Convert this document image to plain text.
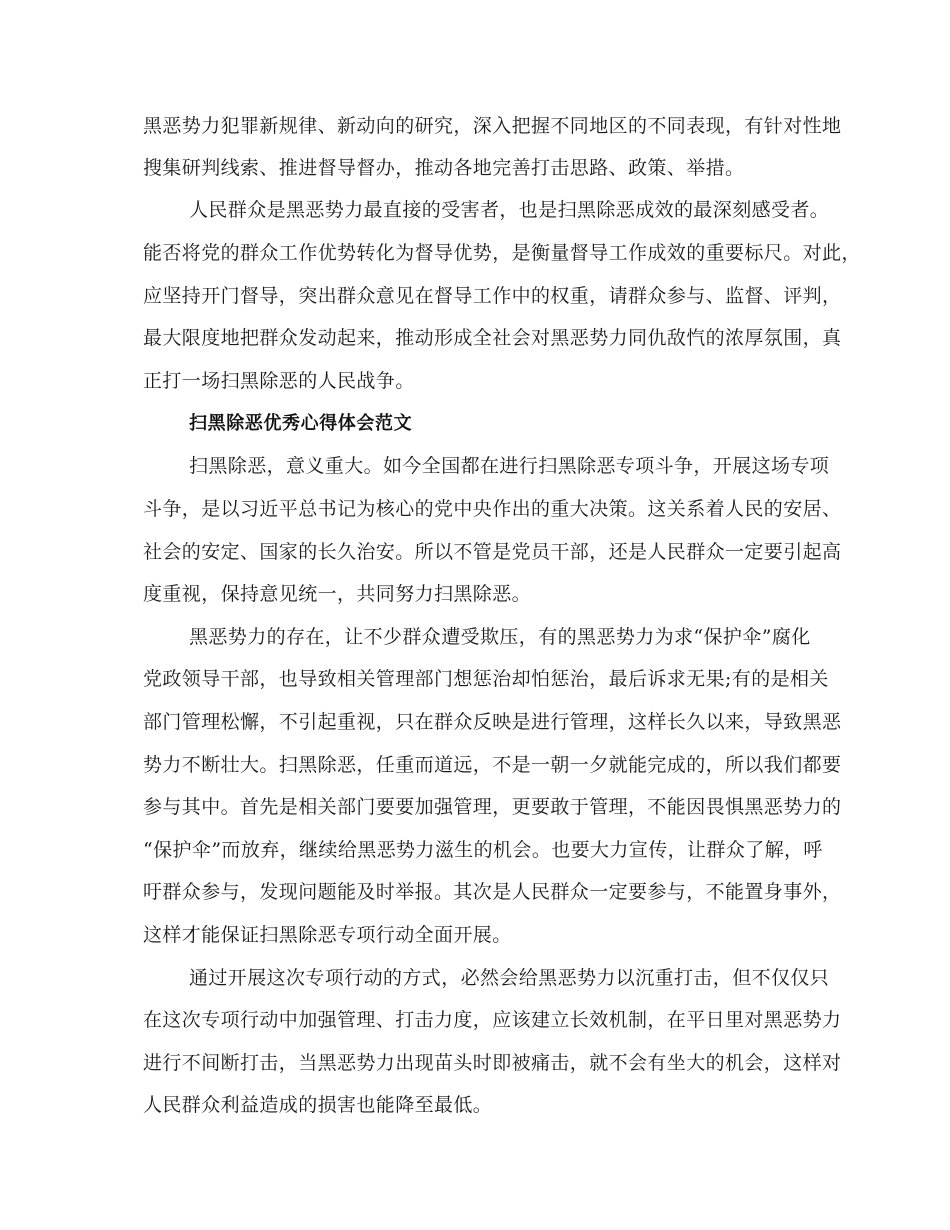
黑恶势力犯罪新规律、新动向的研究，深入把握不同地区的不同表现，有针对性地
搜集研判线索、推进督导督办，推动各地完善打击思路、政策、举措。
人民群众是黑恶势力最直接的受害者，也是扫黑除恶成效的最深刻感受者。
能否将党的群众工作优势转化为督导优势，是衡量督导工作成效的重要标尺。对此，
应坚持开门督导，突出群众意见在督导工作中的权重，请群众参与、监督、评判，
最大限度地把群众发动起来，推动形成全社会对黑恶势力同仇敌忾的浓厚氛围，真
正打一场扫黑除恶的人民战争。
扫黑除恶优秀心得体会范文
扫黑除恶，意义重大。如今全国都在进行扫黑除恶专项斗争，开展这场专项
斗争，是以习近平总书记为核心的党中央作出的重大决策。这关系着人民的安居、
社会的安定、国家的长久治安。所以不管是党员干部，还是人民群众一定要引起高
度重视，保持意见统一，共同努力扫黑除恶。
黑恶势力的存在，让不少群众遭受欺压，有的黑恶势力为求“保护伞”腐化
党政领导干部，也导致相关管理部门想惩治却怕惩治，最后诉求无果;有的是相关
部门管理松懈，不引起重视，只在群众反映是进行管理，这样长久以来，导致黑恶
势力不断壮大。扫黑除恶，任重而道远，不是一朝一夕就能完成的，所以我们都要
参与其中。首先是相关部门要要加强管理，更要敢于管理，不能因畏惧黑恶势力的
“保护伞”而放弃，继续给黑恶势力滋生的机会。也要大力宣传，让群众了解，呼
吁群众参与，发现问题能及时举报。其次是人民群众一定要参与，不能置身事外，
这样才能保证扫黑除恶专项行动全面开展。
通过开展这次专项行动的方式，必然会给黑恶势力以沉重打击，但不仅仅只
在这次专项行动中加强管理、打击力度，应该建立长效机制，在平日里对黑恶势力
进行不间断打击，当黑恶势力出现苗头时即被痛击，就不会有坐大的机会，这样对
人民群众利益造成的损害也能降至最低。
